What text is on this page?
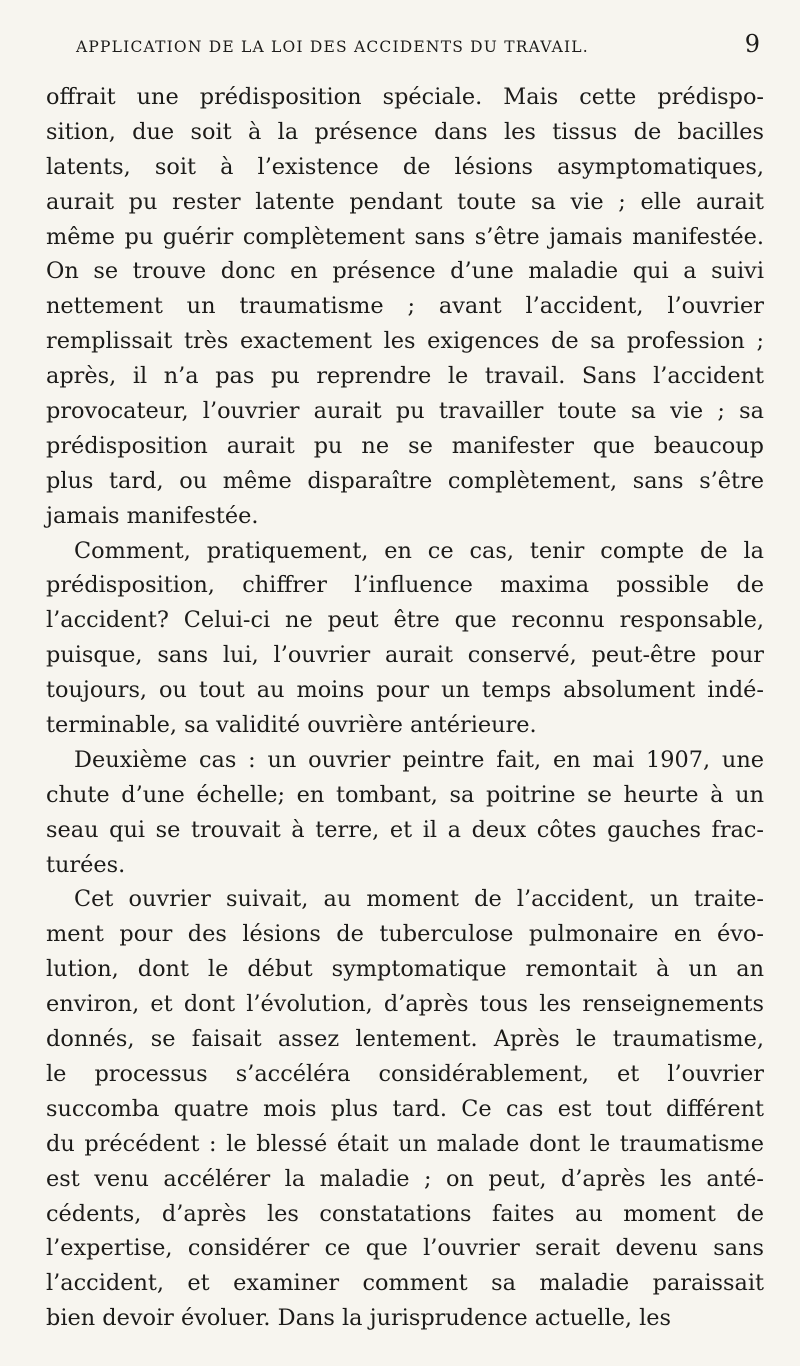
APPLICATION DE LA LOI DES ACCIDENTS DU TRAVAIL.	9

offrait une prédisposition spéciale. Mais cette prédispo-
sition, due soit à la présence dans les tissus de bacilles
latents, soit à l’existence de lésions asymptomatiques,
aurait pu rester latente pendant toute sa vie ; elle aurait
même pu guérir complètement sans s’être jamais manifestée.
On se trouve donc en présence d’une maladie qui a suivi
nettement un traumatisme ; avant l’accident, l’ouvrier
remplissait très exactement les exigences de sa profession ;
après, il n’a pas pu reprendre le travail. Sans l’accident
provocateur, l’ouvrier aurait pu travailler toute sa vie ; sa
prédisposition aurait pu ne se manifester que beaucoup
plus tard, ou même disparaître complètement, sans s’être
jamais manifestée.

Comment, pratiquement, en ce cas, tenir compte de la
prédisposition, chiffrer l’influence maxima possible de
l’accident? Celui-ci ne peut être que reconnu responsable,
puisque, sans lui, l’ouvrier aurait conservé, peut-être pour
toujours, ou tout au moins pour un temps absolument indé-
terminable, sa validité ouvrière antérieure.

Deuxième cas : un ouvrier peintre fait, en mai 1907, une
chute d’une échelle; en tombant, sa poitrine se heurte à un
seau qui se trouvait à terre, et il a deux côtes gauches frac-
turées.

Cet ouvrier suivait, au moment de l’accident, un traite-
ment pour des lésions de tuberculose pulmonaire en évo-
lution, dont le début symptomatique remontait à un an
environ, et dont l’évolution, d’après tous les renseignements
donnés, se faisait assez lentement. Après le traumatisme,
le processus s’accéléra considérablement, et l’ouvrier
succomba quatre mois plus tard. Ce cas est tout différent
du précédent : le blessé était un malade dont le traumatisme
est venu accélérer la maladie ; on peut, d’après les anté-
cédents, d’après les constatations faites au moment de
l’expertise, considérer ce que l’ouvrier serait devenu sans
l’accident, et examiner comment sa maladie paraissait
bien devoir évoluer. Dans la jurisprudence actuelle, les
